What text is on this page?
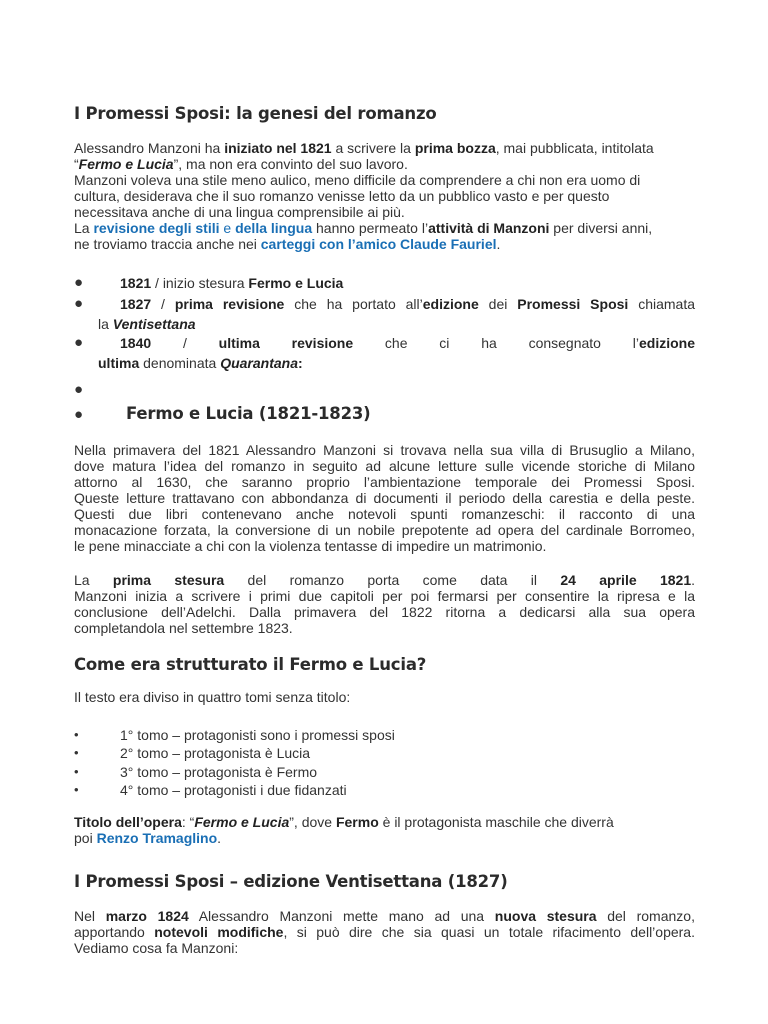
I Promessi Sposi: la genesi del romanzo

Alessandro Manzoni ha iniziato nel 1821 a scrivere la prima bozza, mai pubblicata, intitolata

“Fermo e Lucia”, ma non era convinto del suo lavoro.

Manzoni voleva una stile meno aulico, meno difficile da comprendere a chi non era uomo di

cultura, desiderava che il suo romanzo venisse letto da un pubblico vasto e per questo

necessitava anche di una lingua comprensibile ai più.

La revisione degli stili e della lingua hanno permeato l’attività di Manzoni per diversi anni,

ne troviamo traccia anche nei carteggi con l’amico Claude Fauriel.

●	1821 / inizio stesura Fermo e Lucia
●	1827 / prima revisione che ha portato all’edizione dei Promessi Sposi chiamata
la Ventisettana
●	1840 / ultima revisione che ci ha consegnato l’edizione
ultima denominata Quarantana:
●
●	Fermo e Lucia (1821-1823)

Nella primavera del 1821 Alessandro Manzoni si trovava nella sua villa di Brusuglio a Milano,

dove matura l’idea del romanzo in seguito ad alcune letture sulle vicende storiche di Milano

attorno al 1630, che saranno proprio l’ambientazione temporale dei Promessi Sposi.

Queste letture trattavano con abbondanza di documenti il periodo della carestia e della peste.

Questi due libri contenevano anche notevoli spunti romanzeschi: il racconto di una

monacazione forzata, la conversione di un nobile prepotente ad opera del cardinale Borromeo,

le pene minacciate a chi con la violenza tentasse di impedire un matrimonio.

La prima stesura del romanzo porta come data il 24 aprile 1821.

Manzoni inizia a scrivere i primi due capitoli per poi fermarsi per consentire la ripresa e la

conclusione dell’Adelchi. Dalla primavera del 1822 ritorna a dedicarsi alla sua opera

completandola nel settembre 1823.

Come era strutturato il Fermo e Lucia?

Il testo era diviso in quattro tomi senza titolo:

•	1° tomo – protagonisti sono i promessi sposi
•	2° tomo – protagonista è Lucia
•	3° tomo – protagonista è Fermo
•	4° tomo – protagonisti i due fidanzati

Titolo dell’opera: “Fermo e Lucia”, dove Fermo è il protagonista maschile che diverrà

poi Renzo Tramaglino.

I Promessi Sposi – edizione Ventisettana (1827)

Nel marzo 1824 Alessandro Manzoni mette mano ad una nuova stesura del romanzo,

apportando notevoli modifiche, si può dire che sia quasi un totale rifacimento dell’opera.

Vediamo cosa fa Manzoni:
